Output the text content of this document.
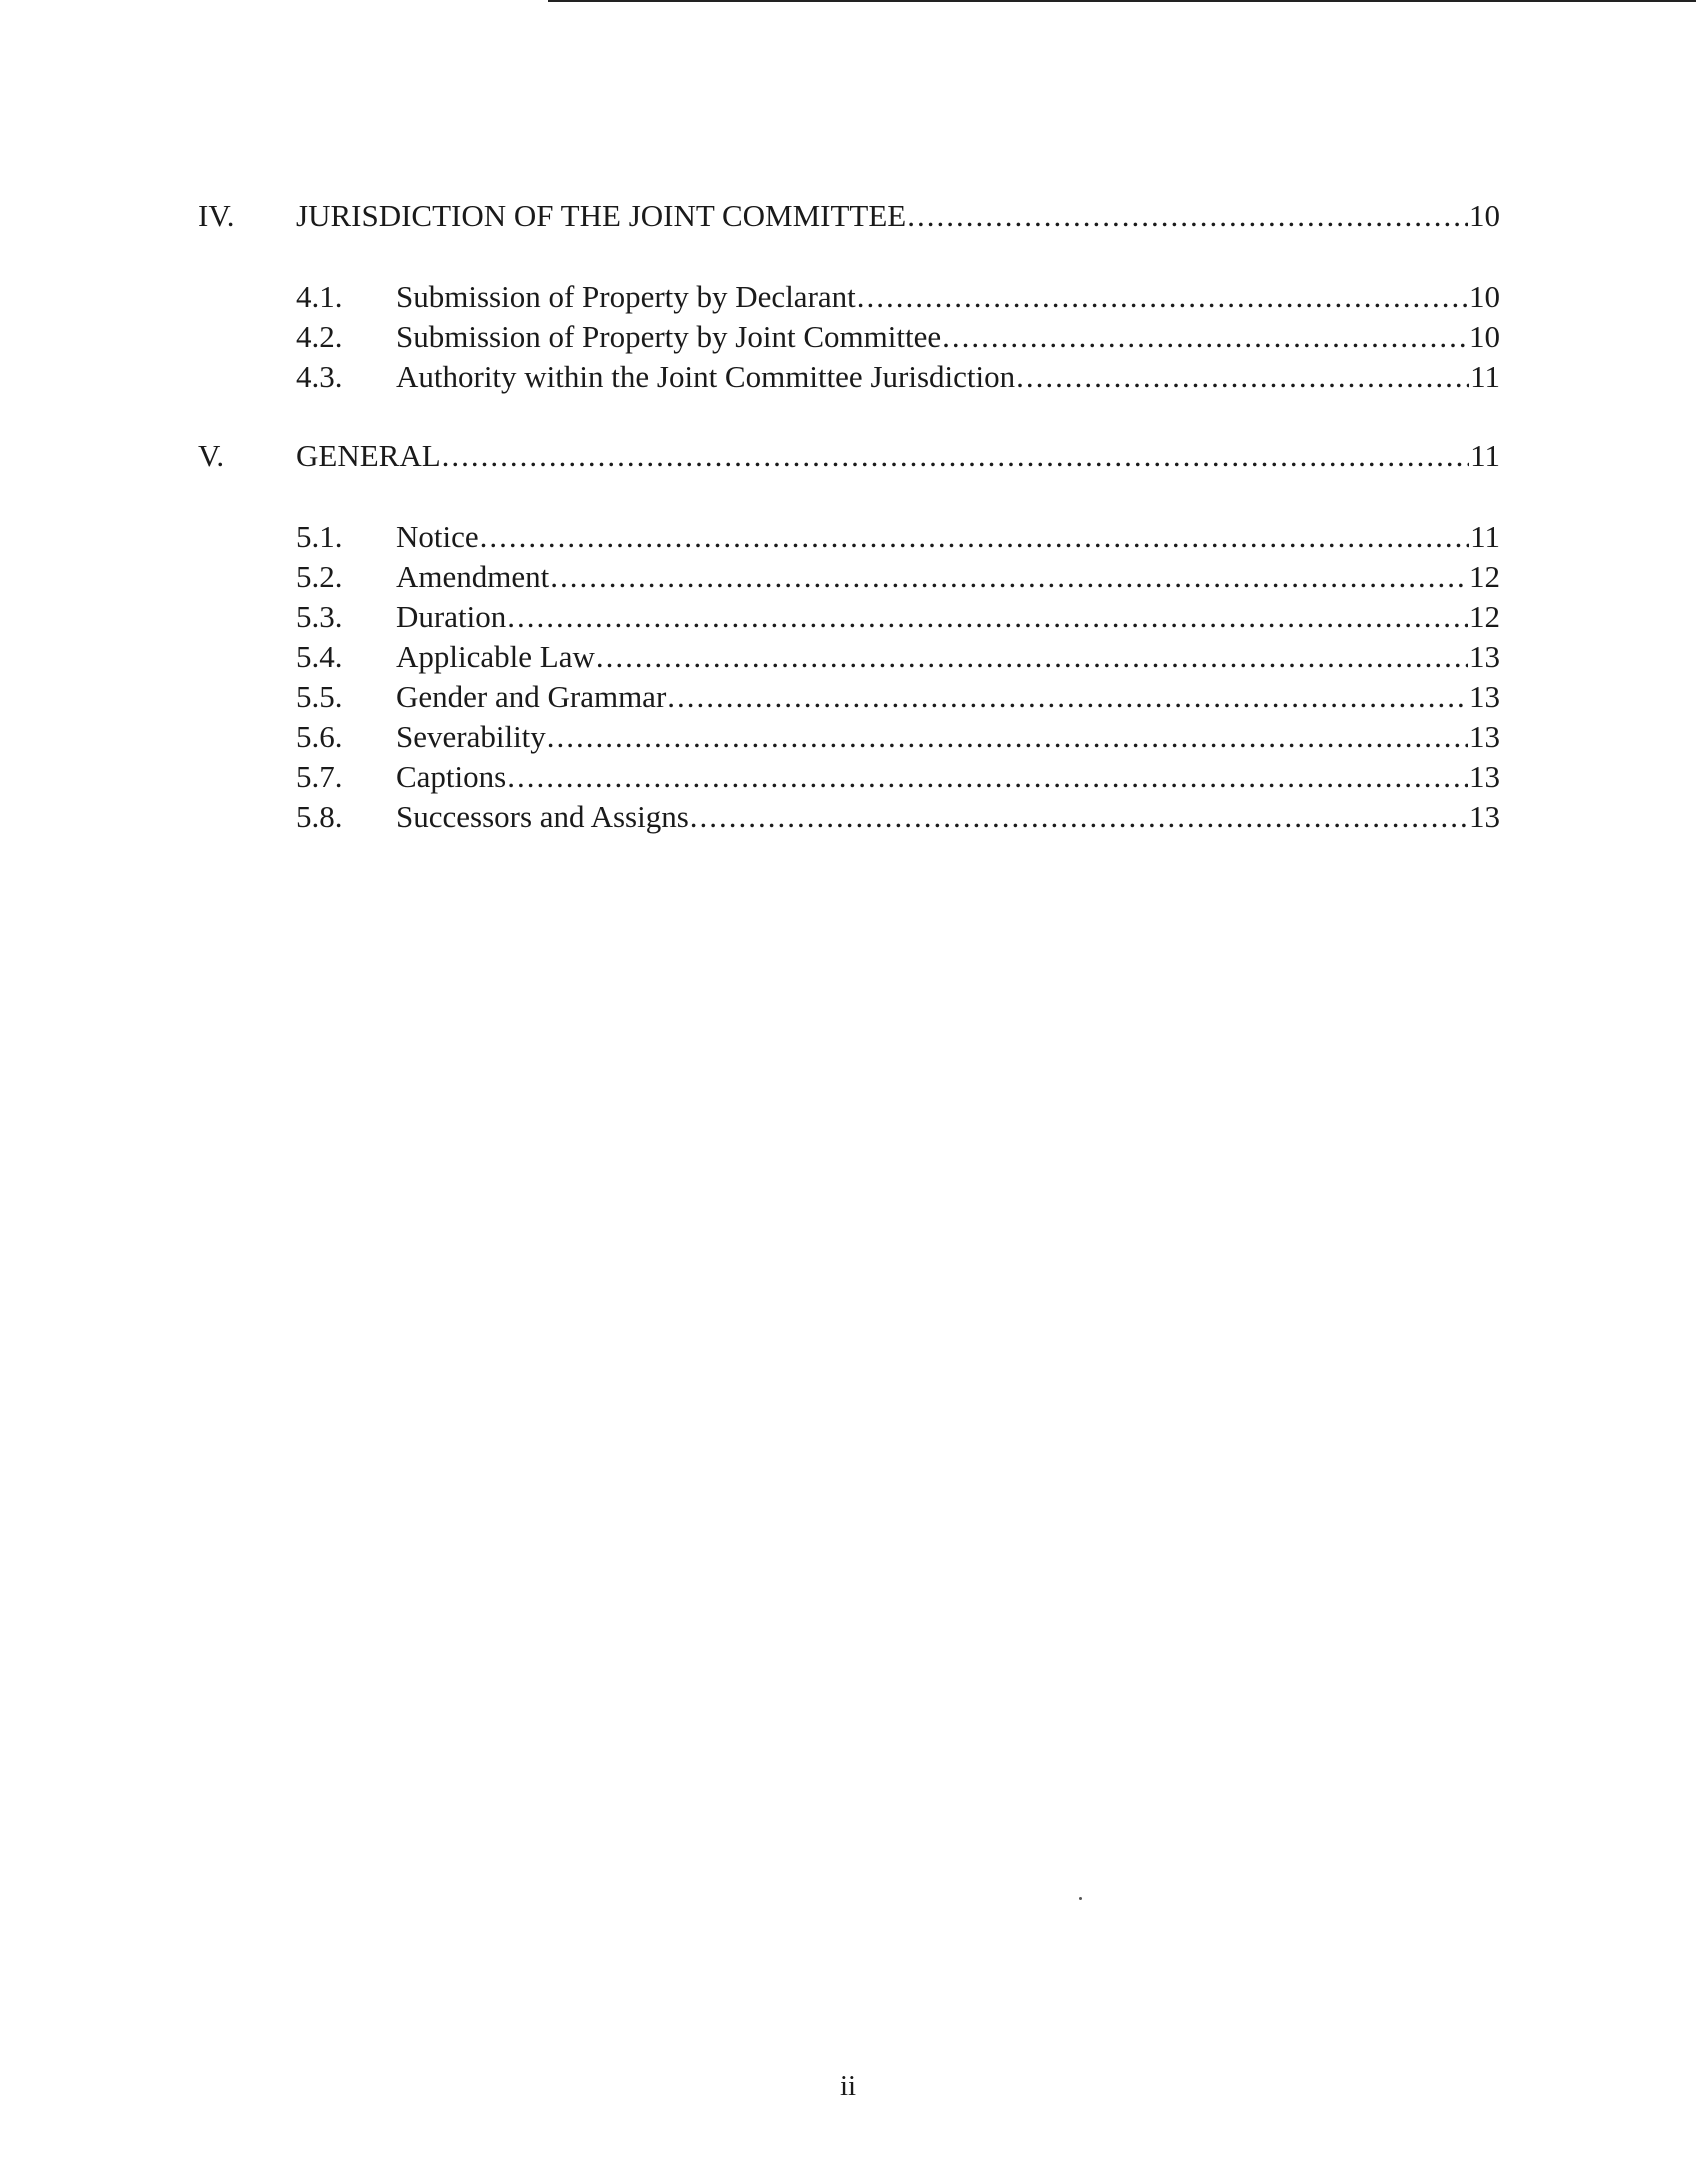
IV.	JURISDICTION OF THE JOINT COMMITTEE .....	10
4.1.	Submission of Property by Declarant .....	10
4.2.	Submission of Property by Joint Committee .....	10
4.3.	Authority within the Joint Committee Jurisdiction .....	11
V.	GENERAL .....	11
5.1.	Notice .....	11
5.2.	Amendment .....	12
5.3.	Duration .....	12
5.4.	Applicable Law .....	13
5.5.	Gender and Grammar .....	13
5.6.	Severability .....	13
5.7.	Captions .....	13
5.8.	Successors and Assigns .....	13
ii
